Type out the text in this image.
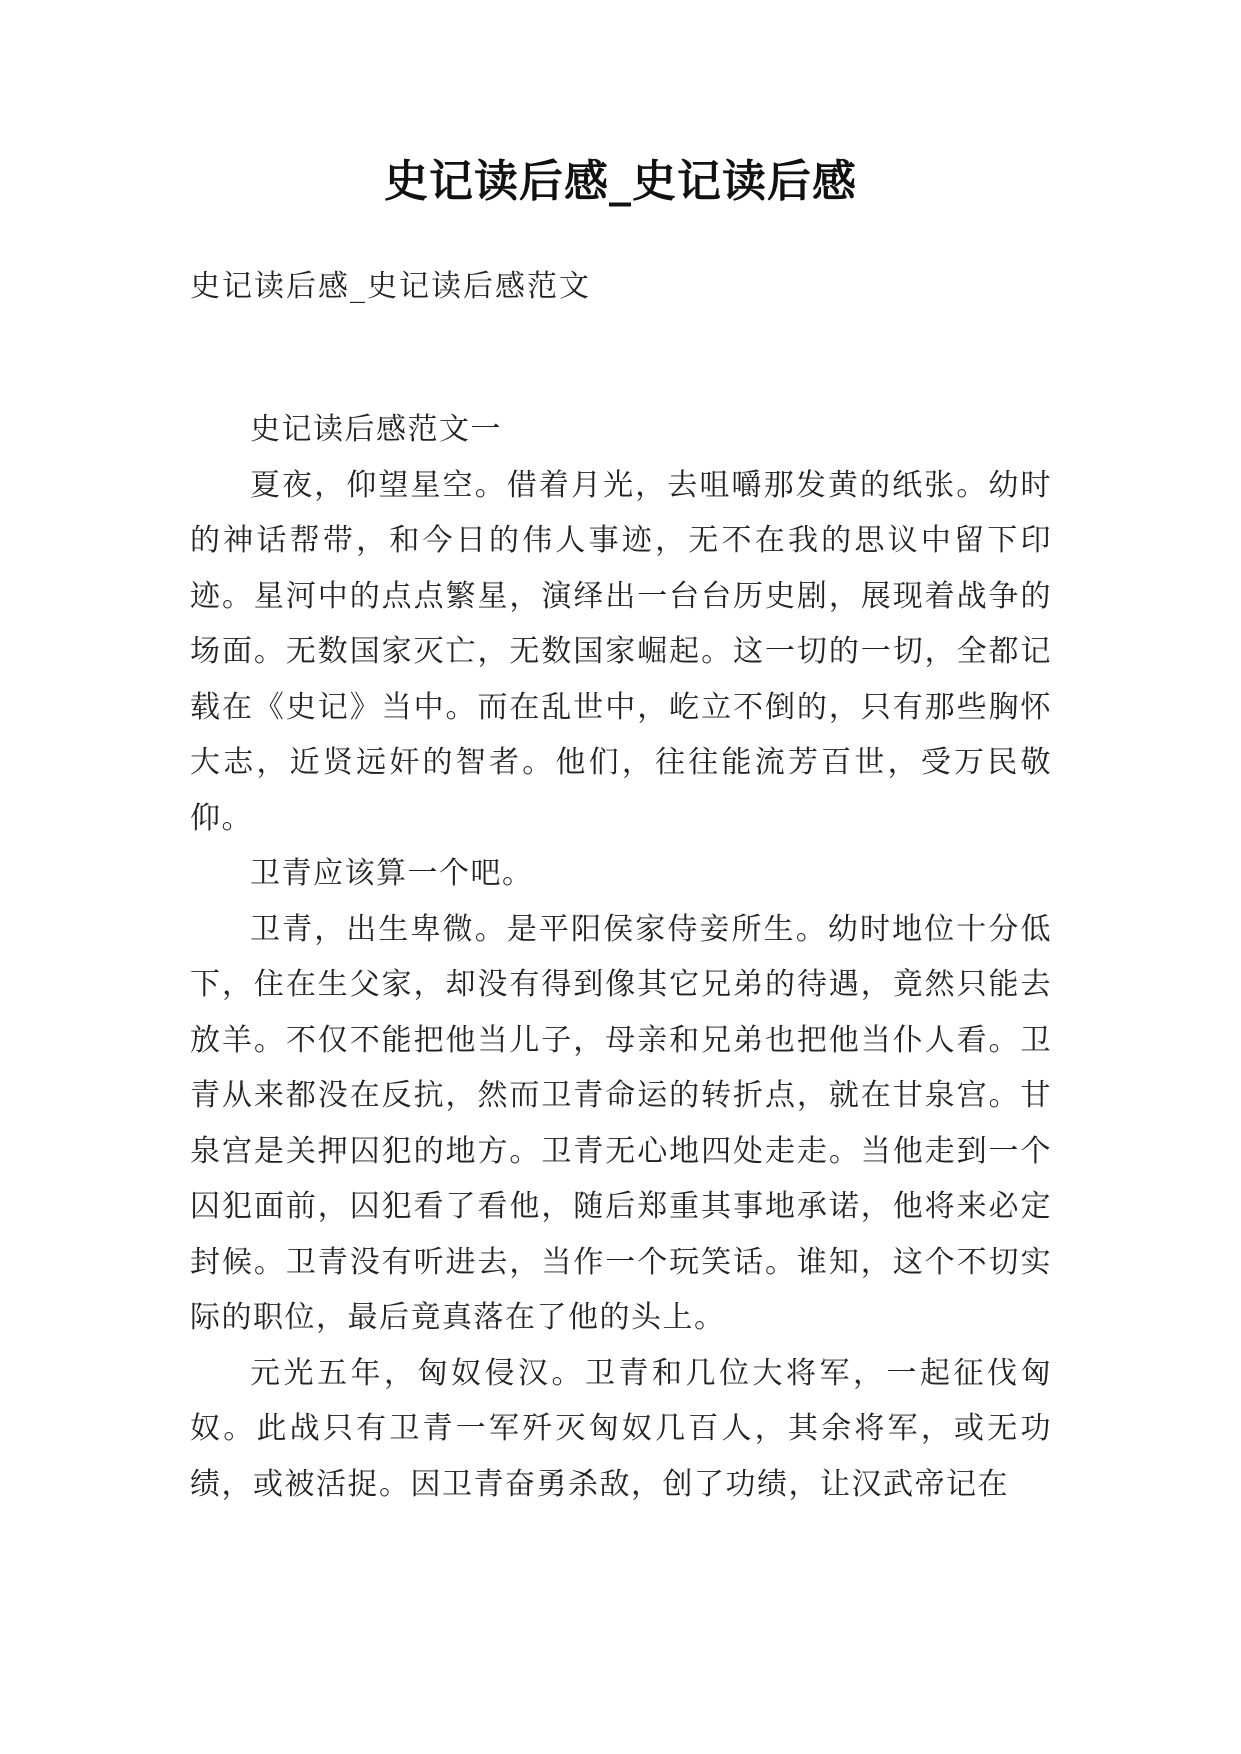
史记读后感_史记读后感

史记读后感_史记读后感范文

史记读后感范文一

夏夜，仰望星空。借着月光，去咀嚼那发黄的纸张。幼时的神话帮带，和今日的伟人事迹，无不在我的思议中留下印迹。星河中的点点繁星，演绎出一台台历史剧，展现着战争的场面。无数国家灭亡，无数国家崛起。这一切的一切，全都记载在《史记》当中。而在乱世中，屹立不倒的，只有那些胸怀大志，近贤远奸的智者。他们，往往能流芳百世，受万民敬仰。

卫青应该算一个吧。

卫青，出生卑微。是平阳侯家侍妾所生。幼时地位十分低下，住在生父家，却没有得到像其它兄弟的待遇，竟然只能去放羊。不仅不能把他当儿子，母亲和兄弟也把他当仆人看。卫青从来都没在反抗，然而卫青命运的转折点，就在甘泉宫。甘泉宫是关押囚犯的地方。卫青无心地四处走走。当他走到一个囚犯面前，囚犯看了看他，随后郑重其事地承诺，他将来必定封候。卫青没有听进去，当作一个玩笑话。谁知，这个不切实际的职位，最后竟真落在了他的头上。

元光五年，匈奴侵汉。卫青和几位大将军，一起征伐匈奴。此战只有卫青一军歼灭匈奴几百人，其余将军，或无功绩，或被活捉。因卫青奋勇杀敌，创了功绩，让汉武帝记在
